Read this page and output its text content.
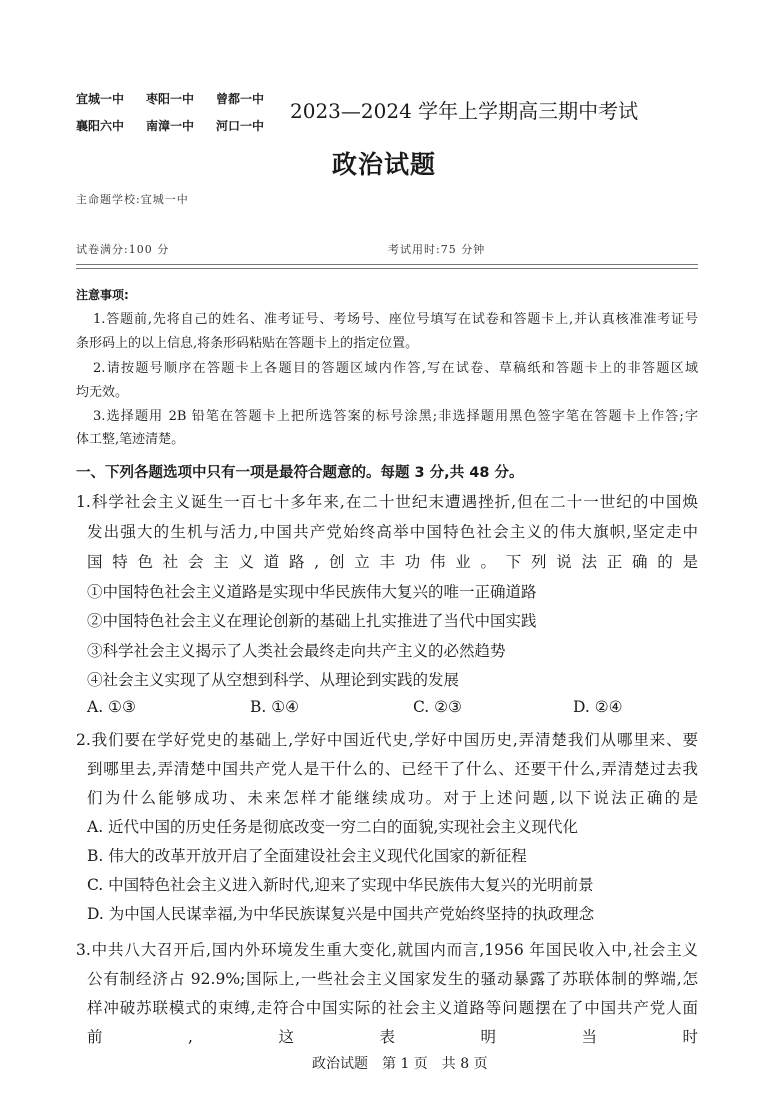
宜城一中 枣阳一中 曾都一中
襄阳六中 南漳一中 河口一中
2023—2024 学年上学期高三期中考试
政治试题
主命题学校:宜城一中
试卷满分:100 分	考试用时:75 分钟
注意事项:
1.答题前,先将自己的姓名、准考证号、考场号、座位号填写在试卷和答题卡上,并认真核准准考证号
条形码上的以上信息,将条形码粘贴在答题卡上的指定位置。
2.请按题号顺序在答题卡上各题目的答题区域内作答,写在试卷、草稿纸和答题卡上的非答题区域
均无效。
3.选择题用 2B 铅笔在答题卡上把所选答案的标号涂黑;非选择题用黑色签字笔在答题卡上作答;字
体工整,笔迹清楚。
一、下列各题选项中只有一项是最符合题意的。每题 3 分,共 48 分。
1.科学社会主义诞生一百七十多年来,在二十世纪末遭遇挫折,但在二十一世纪的中国焕
发出强大的生机与活力,中国共产党始终高举中国特色社会主义的伟大旗帜,坚定走中
国特色社会主义道路,创立丰功伟业。下列说法正确的是
①中国特色社会主义道路是实现中华民族伟大复兴的唯一正确道路
②中国特色社会主义在理论创新的基础上扎实推进了当代中国实践
③科学社会主义揭示了人类社会最终走向共产主义的必然趋势
④社会主义实现了从空想到科学、从理论到实践的发展
A. ①③	B. ①④	C. ②③	D. ②④
2.我们要在学好党史的基础上,学好中国近代史,学好中国历史,弄清楚我们从哪里来、要
到哪里去,弄清楚中国共产党人是干什么的、已经干了什么、还要干什么,弄清楚过去我
们为什么能够成功、未来怎样才能继续成功。对于上述问题,以下说法正确的是
A. 近代中国的历史任务是彻底改变一穷二白的面貌,实现社会主义现代化
B. 伟大的改革开放开启了全面建设社会主义现代化国家的新征程
C. 中国特色社会主义进入新时代,迎来了实现中华民族伟大复兴的光明前景
D. 为中国人民谋幸福,为中华民族谋复兴是中国共产党始终坚持的执政理念
3.中共八大召开后,国内外环境发生重大变化,就国内而言,1956 年国民收入中,社会主义
公有制经济占 92.9%;国际上,一些社会主义国家发生的骚动暴露了苏联体制的弊端,怎
样冲破苏联模式的束缚,走符合中国实际的社会主义道路等问题摆在了中国共产党人面
前,这表明当时
政治试题　第 1 页　共 8 页
